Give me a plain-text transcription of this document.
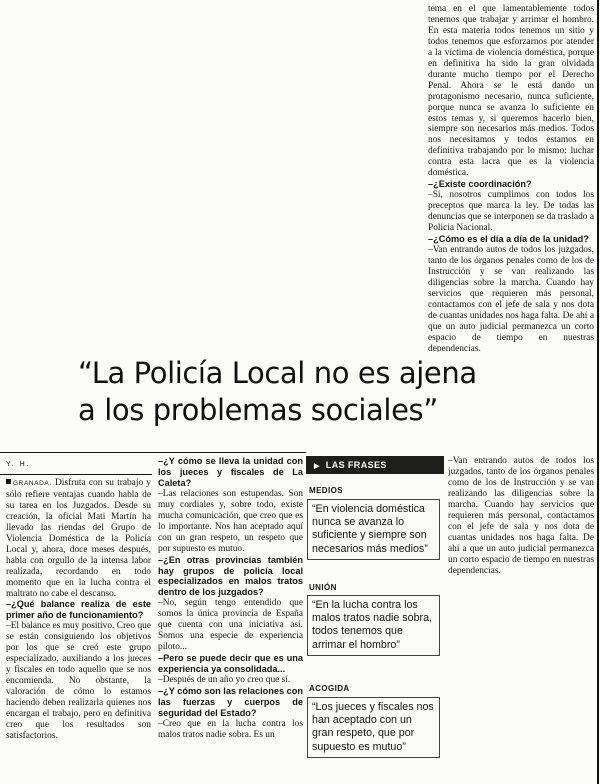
tema en el que lamentablemente todos tenemos que trabajar y arrimar el hombro. En esta materia todos tenemos un sitio y todos tenemos que esforzarnos por atender a la víctima de violencia doméstica, porque en definitiva ha sido la gran olvidada durante mucho tiempo por el Derecho Penal. Ahora se le está dando un protagonismo necesario, nunca suficiente, porque nunca se avanza lo suficiente en estos temas y, si queremos hacerlo bien, siempre son necesarios más medios. Todos nos necesitamos y todos estamos en definitiva trabajando por lo mismo: luchar contra esta lacra que es la violencia doméstica.

–¿Existe coordinación?

–Sí, nosotros cumplimos con todos los preceptos que marca la ley. De todas las denuncias que se interponen se da traslado a Policía Nacional.

–¿Cómo es el día a día de la unidad?

–Van entrando autos de todos los juzgados, tanto de los órganos penales como de los de Instrucción y se van realizando las diligencias sobre la marcha. Cuando hay servicios que requieren más personal, contactamos con el jefe de sala y nos dota de cuantas unidades nos haga falta. De ahí a que un auto judicial permanezca un corto espacio de tiempo en nuestras dependencias.

“La Policía Local no es ajena

a los problemas sociales”

Y. H.

GRANADA. Disfruta con su trabajo y sólo refiere ventajas cuando habla de su tarea en los Juzgados. Desde su creación, la oficial Mati Martín ha llevado las riendas del Grupo de Violencia Doméstica de la Policía Local y, ahora, doce meses después, habla con orgullo de la intensa labor realizada, recordando en todo momento que en la lucha contra el maltrato no cabe el descanso.

–¿Qué balance realiza de este primer año de funcionamiento?

–El balance es muy positivo. Creo que se están consiguiendo los objetivos por los que se creó este grupo especializado, auxiliando a los jueces y fiscales en todo aquello que se nos encomienda. No obstante, la valoración de cómo lo estamos haciendo deben realizarla quienes nos encargan el trabajo, pero en definitiva creo que los resultados son satisfactorios.

–¿Y cómo se lleva la unidad con los jueces y fiscales de La Caleta?

–Las relaciones son estupendas. Son muy cordiales y, sobre todo, existe mucha comunicación, que creo que es lo importante. Nos han aceptado aquí con un gran respeto, un respeto que por supuesto es mutuo.

–¿En otras provincias también hay grupos de policía local especializados en malos tratos dentro de los juzgados?

–No, según tengo entendido que somos la única provincia de España que cuenta con una iniciativa así. Somos una especie de experiencia piloto...

–Pero se puede decir que es una experiencia ya consolidada...

–Después de un año yo creo que sí.

–¿Y cómo son las relaciones con las fuerzas y cuerpos de seguridad del Estado?

–Creo que en la lucha contra los malos tratos nadie sobra. Es un

▶ LAS FRASES
MEDIOS
“En violencia doméstica nunca se avanza lo suficiente y siempre son necesarios más medios”
UNIÓN
“En la lucha contra los malos tratos nadie sobra, todos tenemos que arrimar el hombro”
ACOGIDA
“Los jueces y fiscales nos han aceptado con un gran respeto, que por supuesto es mutuo”

–Van entrando autos de todos los juzgados, tanto de los órganos penales como de los de Instrucción y se van realizando las diligencias sobre la marcha. Cuando hay servicios que requieren más personal, contactamos con el jefe de sala y nos dota de cuantas unidades nos haga falta. De ahí a que un auto judicial permanezca un corto espacio de tiempo en nuestras dependencias.
